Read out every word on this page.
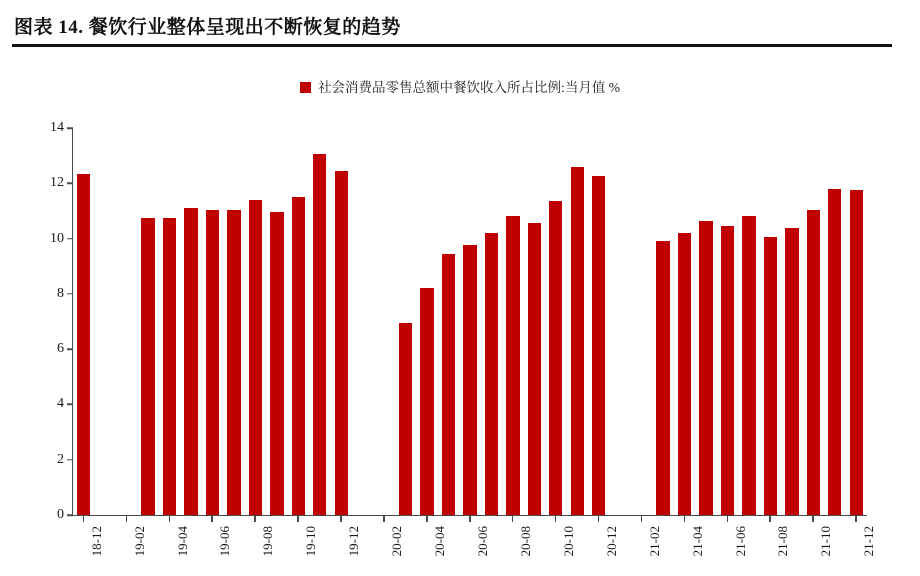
图表 14. 餐饮行业整体呈现出不断恢复的趋势
社会消费品零售总额中餐饮收入所占比例:当月值 %
0
2
4
6
8
10
12
14
18-12 19-02 19-04 19-06 19-08 19-10 19-12 20-02 20-04 20-06 20-08 20-10 20-12 21-02 21-04 21-06 21-08 21-10 21-12
